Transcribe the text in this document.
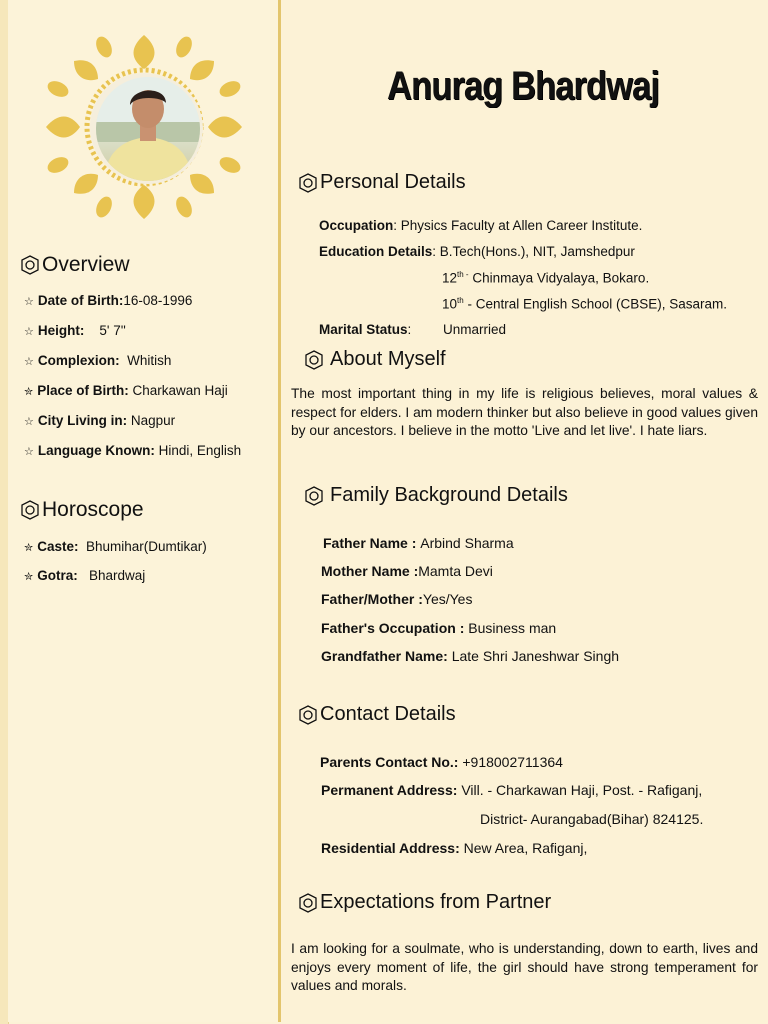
Overview
☆ Date of Birth:16-08-1996
☆ Height: 5' 7''
☆ Complexion: Whitish
✮ Place of Birth: Charkawan Haji
☆ City Living in: Nagpur
☆ Language Known: Hindi, English
Horoscope
✮ Caste: Bhumihar(Dumtikar)
✮ Gotra: Bhardwaj
Anurag Bhardwaj
Personal Details
Occupation: Physics Faculty at Allen Career Institute.
Education Details: B.Tech(Hons.), NIT, Jamshedpur
$12^{th -}$ Chinmaya Vidyalaya, Bokaro.
10th - Central English School (CBSE), Sasaram.
Marital Status: Unmarried
About Myself
The most important thing in my life is religious believes, moral values & respect for elders. I am modern thinker but also believe in good values given by our ancestors. I believe in the motto 'Live and let live'. I hate liars.
Family Background Details
Father Name : Arbind Sharma
Mother Name :Mamta Devi
Father/Mother :Yes/Yes
Father's Occupation : Business man
Grandfather Name: Late Shri Janeshwar Singh
Contact Details
Parents Contact No.: +918002711364
Permanent Address: Vill. - Charkawan Haji, Post. - Rafiganj,
District- Aurangabad(Bihar) 824125.
Residential Address: New Area, Rafiganj,
Expectations from Partner
I am looking for a soulmate, who is understanding, down to earth, lives and enjoys every moment of life, the girl should have strong temperament for values and morals.
